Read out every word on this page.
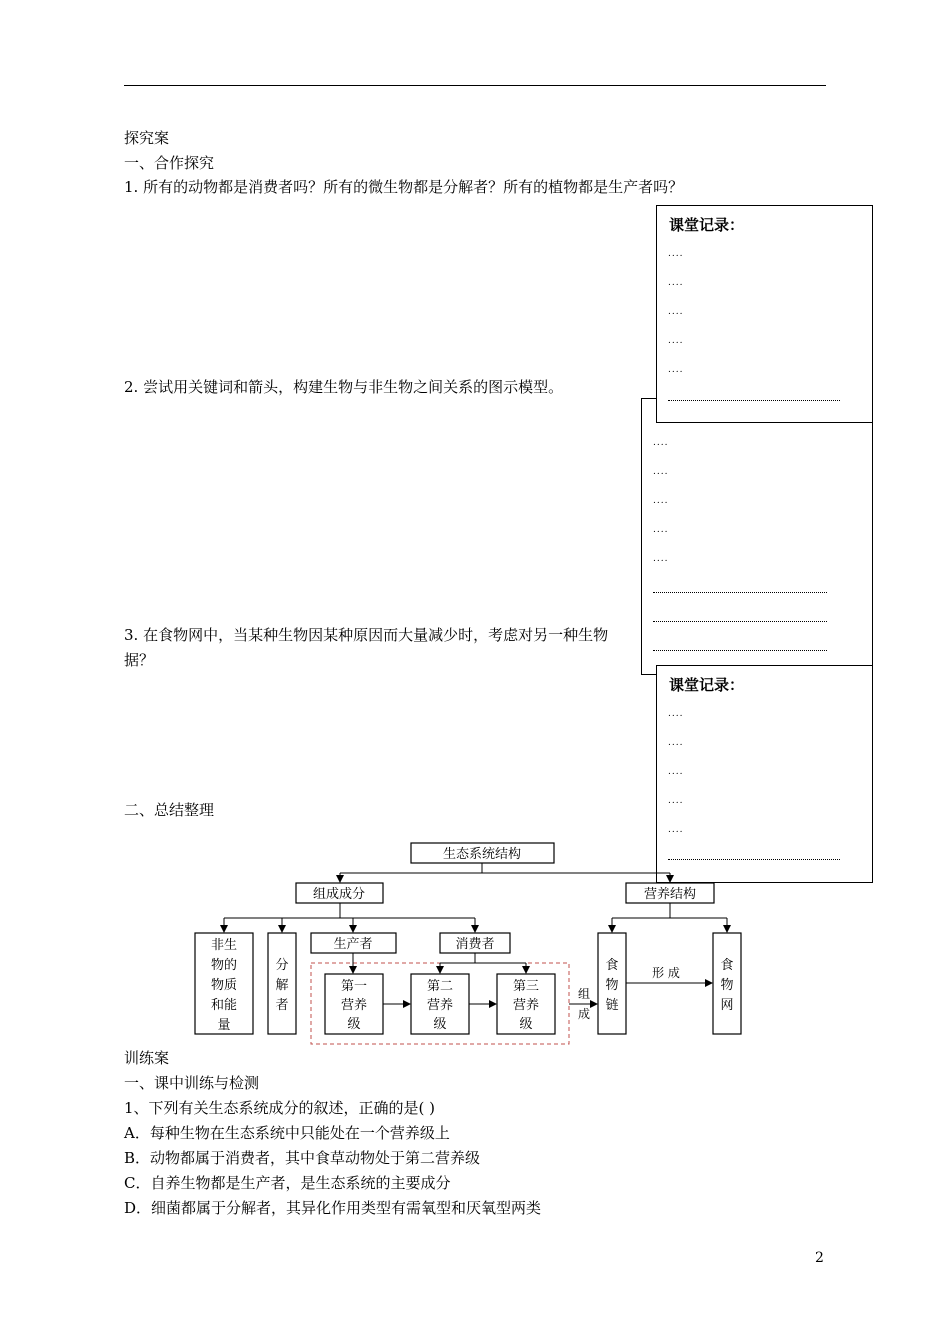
探究案
一、合作探究
1. 所有的动物都是消费者吗？所有的微生物都是分解者？所有的植物都是生产者吗？
2. 尝试用关键词和箭头，构建生物与非生物之间关系的图示模型。
3. 在食物网中，当某种生物因某种原因而大量减少时，考虑对另一种生物
据？
二、总结整理
....
....
....
....
....
课堂记录：
....
....
....
....
....
课堂记录：
....
....
....
....
....
生态系统结构
组成成分	营养结构
非生
物的
物质
和能
量
分
解
者
生产者	消费者
第一
营养
级
第二
营养
级
第三
营养
级
组
成
食
物
链
形 成	食
物
网
训练案
一、课中训练与检测
1、下列有关生态系统成分的叙述，正确的是( )
A．每种生物在生态系统中只能处在一个营养级上
B．动物都属于消费者，其中食草动物处于第二营养级
C．自养生物都是生产者，是生态系统的主要成分
D．细菌都属于分解者，其异化作用类型有需氧型和厌氧型两类
2
